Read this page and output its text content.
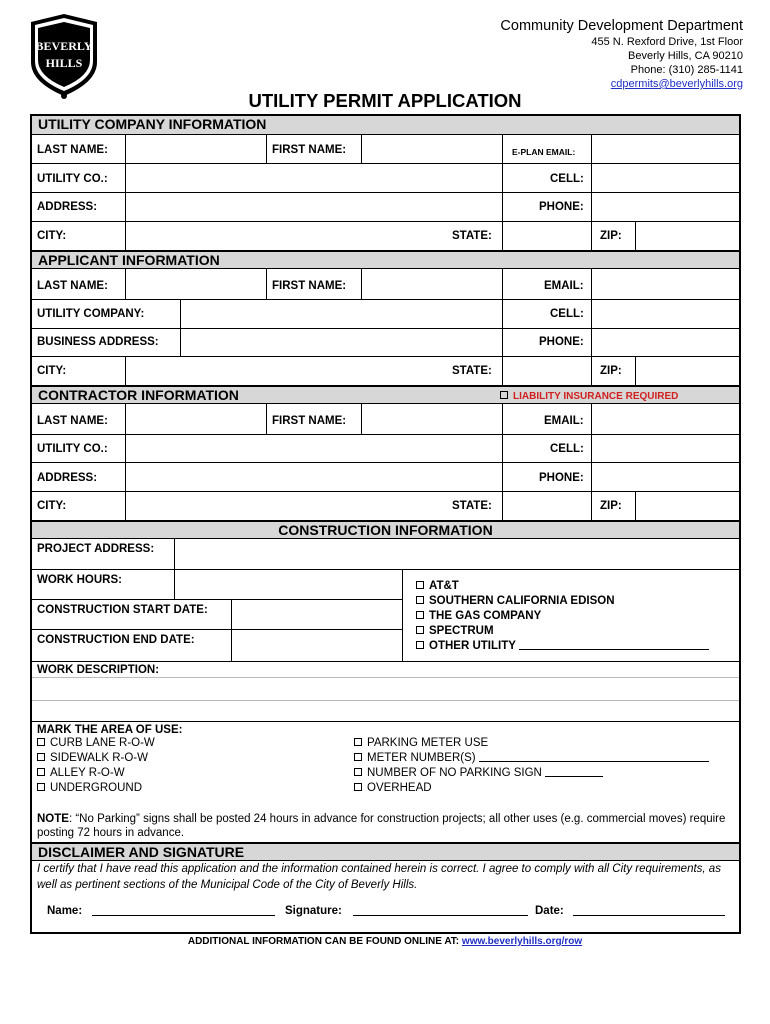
BEVERLY
HILLS
Community Development Department
455 N. Rexford Drive, 1st Floor
Beverly Hills, CA 90210
Phone: (310) 285-1141
cdpermits@beverlyhills.org
UTILITY PERMIT APPLICATION
UTILITY COMPANY INFORMATION
LAST NAME:	FIRST NAME:	E-PLAN EMAIL:
UTILITY CO.:	CELL:
ADDRESS:	PHONE:
CITY:	STATE:	ZIP:
APPLICANT INFORMATION
LAST NAME:	FIRST NAME:	EMAIL:
UTILITY COMPANY:	CELL:
BUSINESS ADDRESS:	PHONE:
CITY:	STATE:	ZIP:
CONTRACTOR INFORMATION	LIABILITY INSURANCE REQUIRED
LAST NAME:	FIRST NAME:	EMAIL:
UTILITY CO.:	CELL:
ADDRESS:	PHONE:
CITY:	STATE:	ZIP:
CONSTRUCTION INFORMATION
PROJECT ADDRESS:
WORK HOURS:
CONSTRUCTION START DATE:
CONSTRUCTION END DATE:
AT&T
SOUTHERN CALIFORNIA EDISON
THE GAS COMPANY
SPECTRUM
OTHER UTILITY
WORK DESCRIPTION:
MARK THE AREA OF USE:
CURB LANE R-O-W
SIDEWALK R-O-W
ALLEY R-O-W
UNDERGROUND
PARKING METER USE
METER NUMBER(S)
NUMBER OF NO PARKING SIGN
OVERHEAD
NOTE: “No Parking” signs shall be posted 24 hours in advance for construction projects; all other uses (e.g. commercial moves) require posting 72 hours in advance.
DISCLAIMER AND SIGNATURE
I certify that I have read this application and the information contained herein is correct. I agree to comply with all City requirements, as well as pertinent sections of the Municipal Code of the City of Beverly Hills.
Name:	Signature:	Date:
ADDITIONAL INFORMATION CAN BE FOUND ONLINE AT: www.beverlyhills.org/row
